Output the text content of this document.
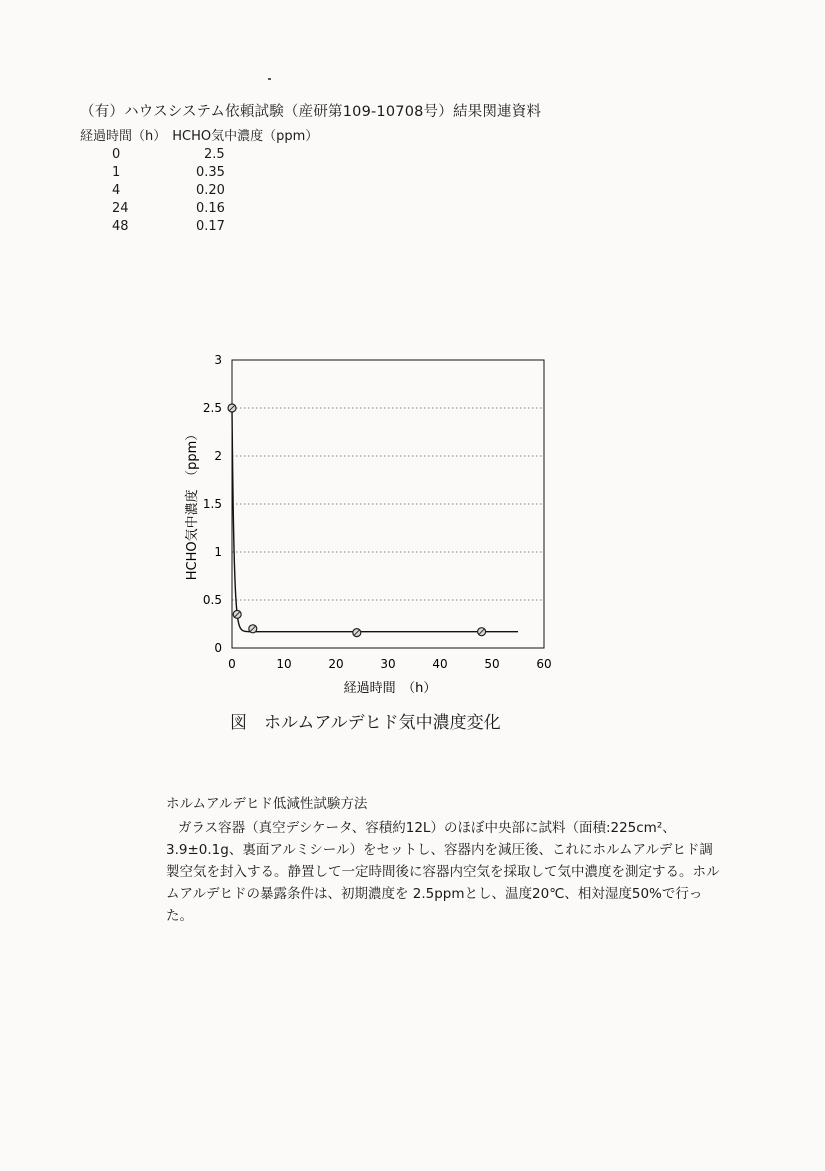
（有）ハウスシステム依頼試験（産研第109-10708号）結果関連資料
経過時間（h） HCHO気中濃度（ppm）
0	2.5
1	0.35
4	0.20
24	0.16
48	0.17
0
0.5
1
1.5
2
2.5
3
0	10	20	30	40	50	60
経過時間　（h）
HCHO気中濃度　（ppm）
図　ホルムアルデヒド気中濃度変化

ホルムアルデヒド低減性試験方法

ガラス容器（真空デシケータ、容積約12L）のほぼ中央部に試料（面積:225cm²、3.9±0.1g、裏面アルミシール）をセットし、容器内を減圧後、これにホルムアルデヒド調製空気を封入する。静置して一定時間後に容器内空気を採取して気中濃度を測定する。ホルムアルデヒドの暴露条件は、初期濃度を 2.5ppmとし、温度20℃、相対湿度50%で行った。
